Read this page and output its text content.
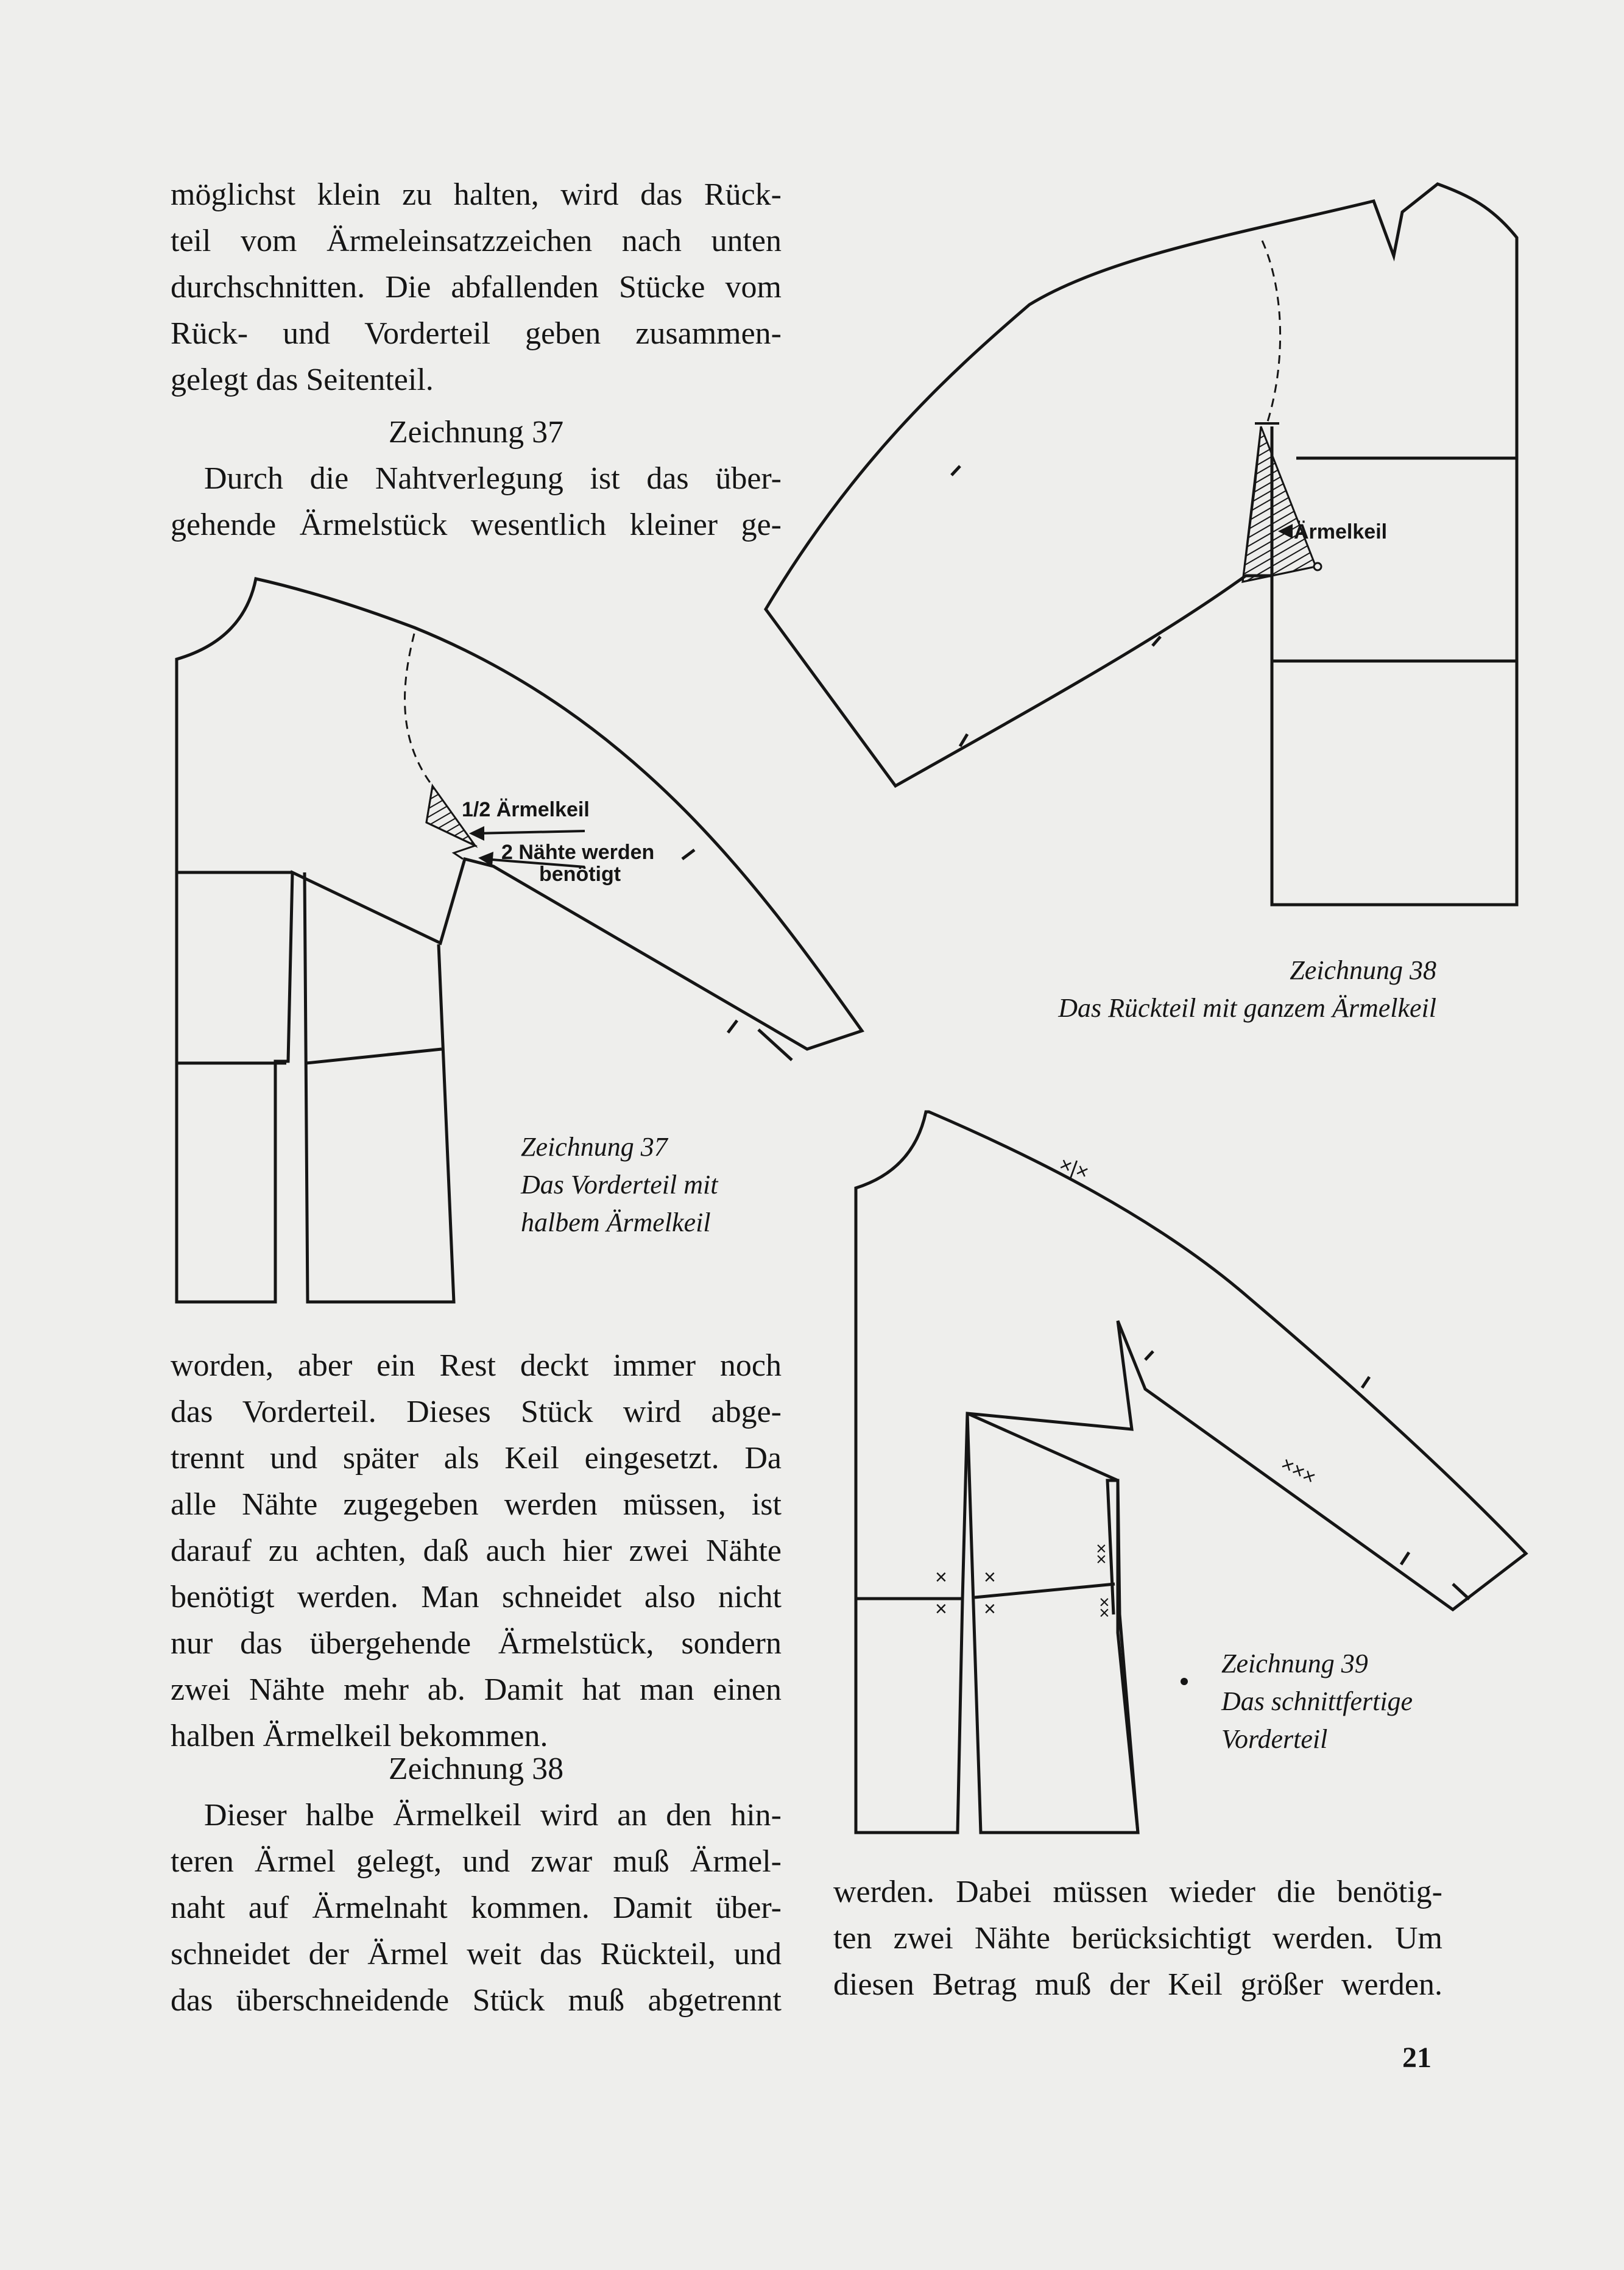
möglichst klein zu halten, wird das Rück-
teil vom Ärmeleinsatzzeichen nach unten
durchschnitten. Die abfallenden Stücke vom
Rück- und Vorderteil geben zusammen-
gelegt das Seitenteil.
Zeichnung 37
Durch die Nahtverlegung ist das über-
gehende Ärmelstück wesentlich kleiner ge-
worden, aber ein Rest deckt immer noch
das Vorderteil. Dieses Stück wird abge-
trennt und später als Keil eingesetzt. Da
alle Nähte zugegeben werden müssen, ist
darauf zu achten, daß auch hier zwei Nähte
benötigt werden. Man schneidet also nicht
nur das übergehende Ärmelstück, sondern
zwei Nähte mehr ab. Damit hat man einen
halben Ärmelkeil bekommen.
Zeichnung 38
Dieser halbe Ärmelkeil wird an den hin-
teren Ärmel gelegt, und zwar muß Ärmel-
naht auf Ärmelnaht kommen. Damit über-
schneidet der Ärmel weit das Rückteil, und
das überschneidende Stück muß abgetrennt
werden. Dabei müssen wieder die benötig-
ten zwei Nähte berücksichtigt werden. Um
diesen Betrag muß der Keil größer werden.
Zeichnung 37
Das Vorderteil mit
halbem Ärmelkeil
Zeichnung 38
Das Rückteil mit ganzem Ärmelkeil
Zeichnung 39
Das schnittfertige
Vorderteil
21
1/2 Ärmelkeil
2 Nähte werden
benötigt
Ärmelkeil
×|×
×××
×
×
×
×
××
××
